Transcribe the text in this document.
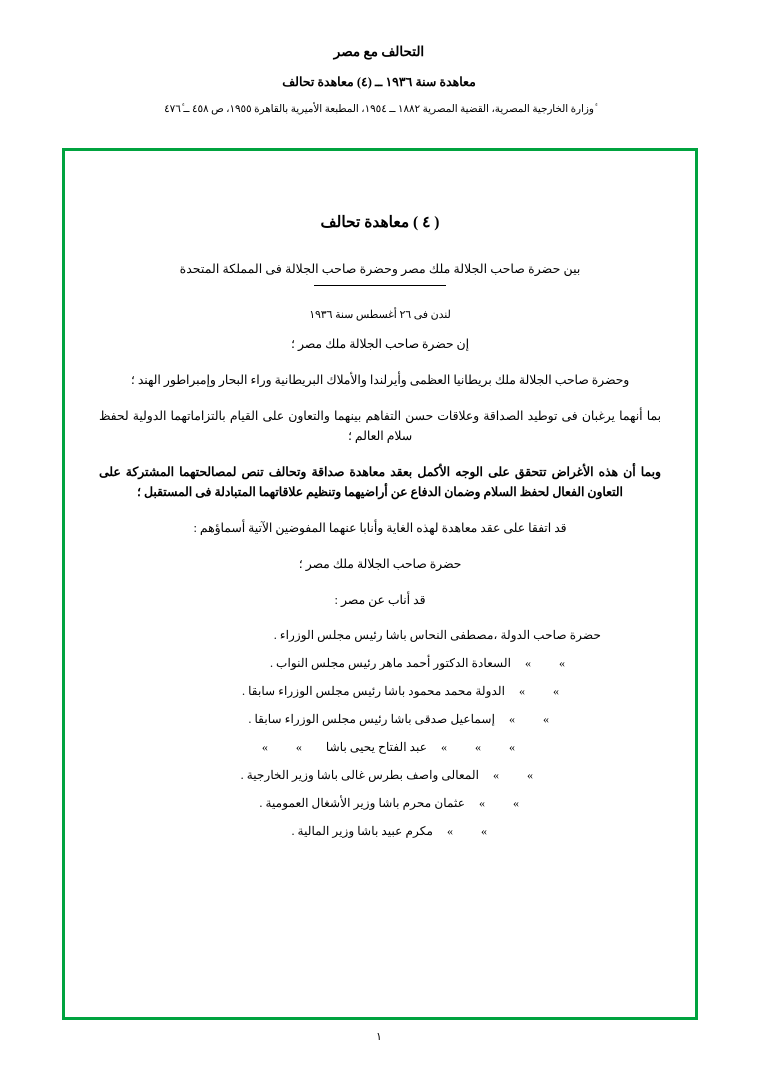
التحالف مع مصر
معاهدة سنة ١٩٣٦ ــ (٤) معاهدة تحالف
ٔوزارة الخارجية المصرية، القضية المصرية ١٨٨٢ ــ ١٩٥٤، المطبعة الأميرية بالقاهرة ١٩٥٥، ص ٤٥٨ ــ ٤٧٦ٔ
( ٤ ) معاهدة تحالف
بين حضرة صاحب الجلالة ملك مصر وحضرة صاحب الجلالة فى المملكة المتحدة
لندن فى ٢٦ أغسطس سنة ١٩٣٦

إن حضرة صاحب الجلالة ملك مصر ؛

وحضرة صاحب الجلالة ملك بريطانيا العظمى وأيرلندا والأملاك البريطانية وراء البحار وإمبراطور الهند ؛

بما أنهما يرغبان فى توطيد الصداقة وعلاقات حسن التفاهم بينهما والتعاون على القيام بالتزاماتهما الدولية لحفظ سلام العالم ؛

وبما أن هذه الأغراض تتحقق على الوجه الأكمل بعقد معاهدة صداقة وتحالف تنص لمصالحتهما المشتركة على التعاون الفعال لحفظ السلام وضمان الدفاع عن أراضيهما وتنظيم علاقاتهما المتبادلة فى المستقبل ؛

قد اتفقا على عقد معاهدة لهذه الغاية وأنابا عنهما المفوضين الآتية أسماؤهم :

حضرة صاحب الجلالة ملك مصر ؛

قد أناب عن مصر :

حضرة صاحب الدولة ،مصطفى النحاس باشا رئيس مجلس الوزراء .
»
»
السعادة الدكتور أحمد ماهر رئيس مجلس النواب .
»
»
الدولة محمد محمود باشا رئيس مجلس الوزراء سابقا .
»
»
إسماعيل صدقى باشا رئيس مجلس الوزراء سابقا .
»
»
»
عبد الفتاح يحيى باشا
»
»
»
»
المعالى واصف بطرس غالى باشا وزير الخارجية .
»
»
عثمان محرم باشا وزير الأشغال العمومية .
»
»
مكرم عبيد باشا وزير المالية .
١
